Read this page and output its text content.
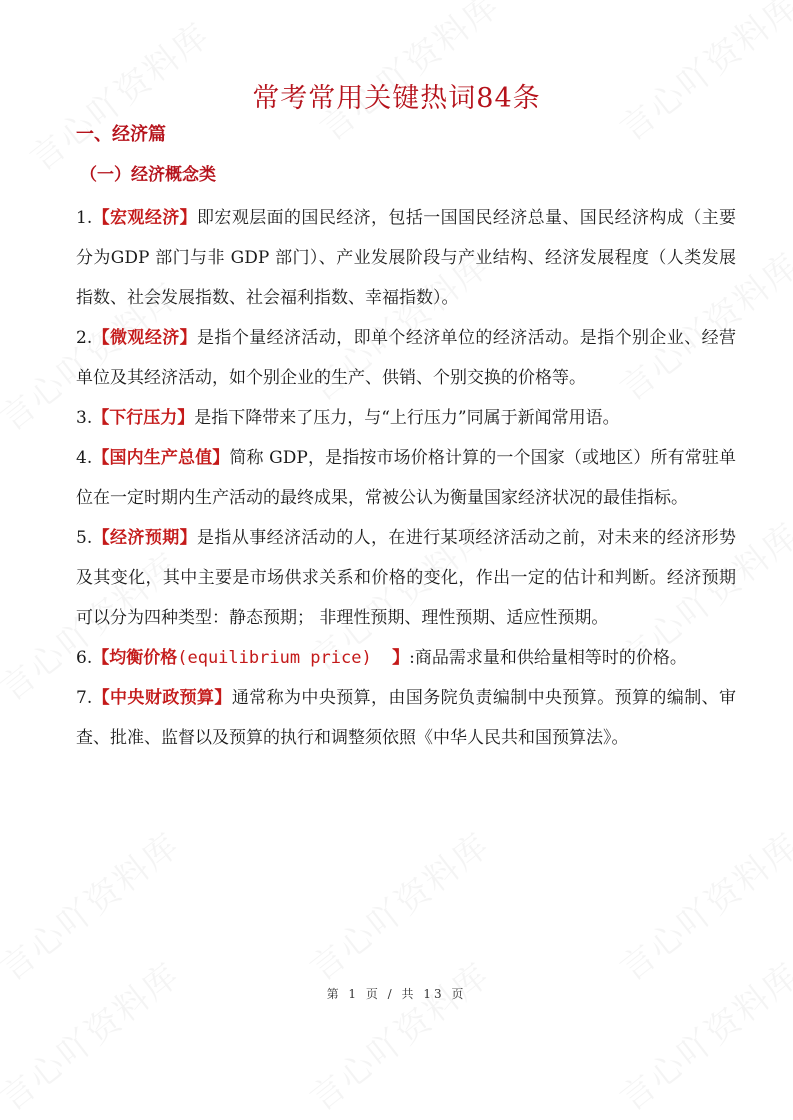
常考常用关键热词84条
一、经济篇
（一）经济概念类

1.【宏观经济】即宏观层面的国民经济，包括一国国民经济总量、国民经济构成（主要分为GDP 部门与非 GDP 部门）、产业发展阶段与产业结构、经济发展程度（人类发展指数、社会发展指数、社会福利指数、幸福指数）。

2.【微观经济】是指个量经济活动，即单个经济单位的经济活动。是指个别企业、经营单位及其经济活动，如个别企业的生产、供销、个别交换的价格等。

3.【下行压力】是指下降带来了压力，与“上行压力”同属于新闻常用语。

4.【国内生产总值】简称 GDP，是指按市场价格计算的一个国家（或地区）所有常驻单位在一定时期内生产活动的最终成果，常被公认为衡量国家经济状况的最佳指标。

5.【经济预期】是指从事经济活动的人，在进行某项经济活动之前，对未来的经济形势及其变化，其中主要是市场供求关系和价格的变化，作出一定的估计和判断。经济预期可以分为四种类型：静态预期； 非理性预期、理性预期、适应性预期。

6.【均衡价格(equilibrium price)  】:商品需求量和供给量相等时的价格。

7.【中央财政预算】通常称为中央预算，由国务院负责编制中央预算。预算的编制、审查、批准、监督以及预算的执行和调整须依照《中华人民共和国预算法》。

第 1 页 / 共 13 页
